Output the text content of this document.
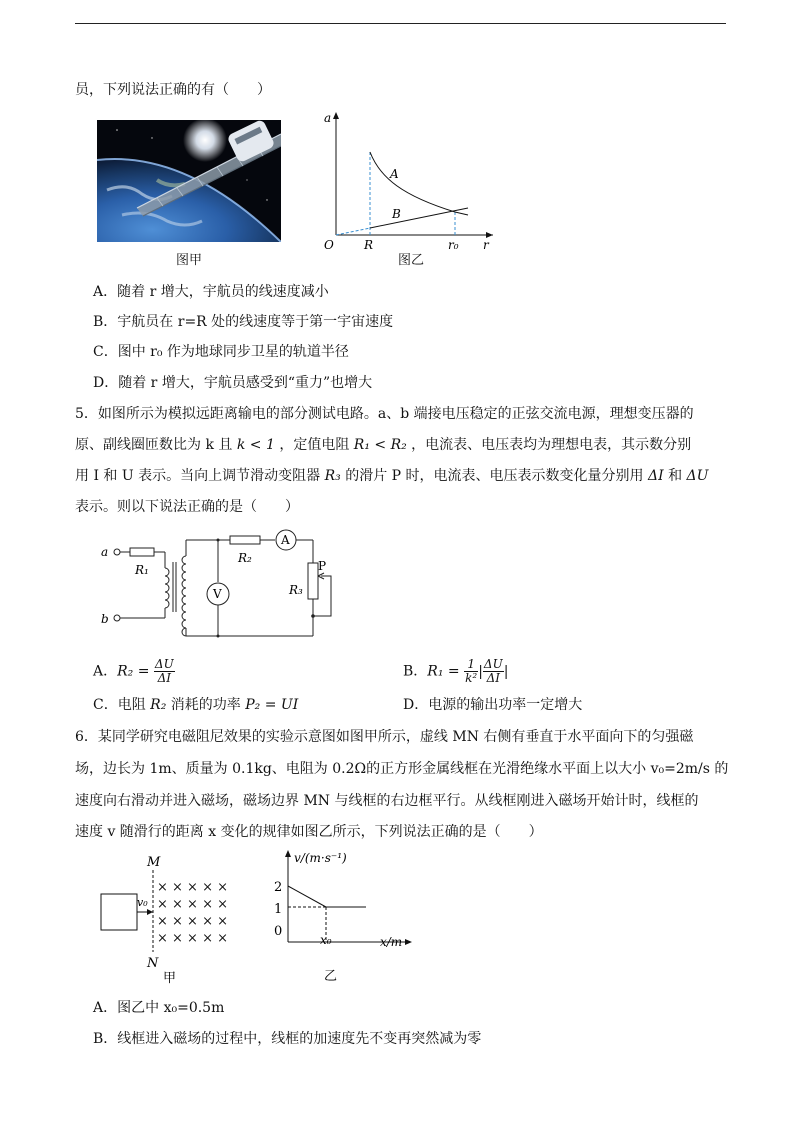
员，下列说法正确的有（　　）
图甲
a
r
O	R	r₀
A
B
图乙
A．随着 r 增大，宇航员的线速度减小
B．宇航员在 r=R 处的线速度等于第一宇宙速度
C．图中 r₀ 作为地球同步卫星的轨道半径
D．随着 r 增大，宇航员感受到“重力”也增大
5．如图所示为模拟远距离输电的部分测试电路。a、b 端接电压稳定的正弦交流电源，理想变压器的
原、副线圈匝数比为 k 且 k < 1 ，定值电阻 R₁ < R₂ ，电流表、电压表均为理想电表，其示数分别
用 I 和 U 表示。当向上调节滑动变阻器 R₃ 的滑片 P 时，电流表、电压表示数变化量分别用 ΔI 和 ΔU
表示。则以下说法正确的是（　　）
a
b
R₁
R₂
R₃
P
A
V
A．$R_2 = \frac{\Delta U}{\Delta I}$	B．$R_1 = \frac{1}{\text{k²}}$ | $\frac{\Delta U}{\Delta I}$ |
C．电阻 R₂ 消耗的功率 P₂ = UI	D．电源的输出功率一定增大
6．某同学研究电磁阻尼效果的实验示意图如图甲所示，虚线 MN 右侧有垂直于水平面向下的匀强磁
场，边长为 1m、质量为 0.1kg、电阻为 0.2Ω的正方形金属线框在光滑绝缘水平面上以大小 v₀=2m/s 的
速度向右滑动并进入磁场，磁场边界 MN 与线框的右边框平行。从线框刚进入磁场开始计时，线框的
速度 v 随滑行的距离 x 变化的规律如图乙所示，下列说法正确的是（　　）
v₀
M
N
× × × × ×
× × × × ×
× × × × ×
× × × × ×
甲
v/(m·s⁻¹)
x/m
2
1
0
x₀
乙
A．图乙中 x₀=0.5m
B．线框进入磁场的过程中，线框的加速度先不变再突然减为零
